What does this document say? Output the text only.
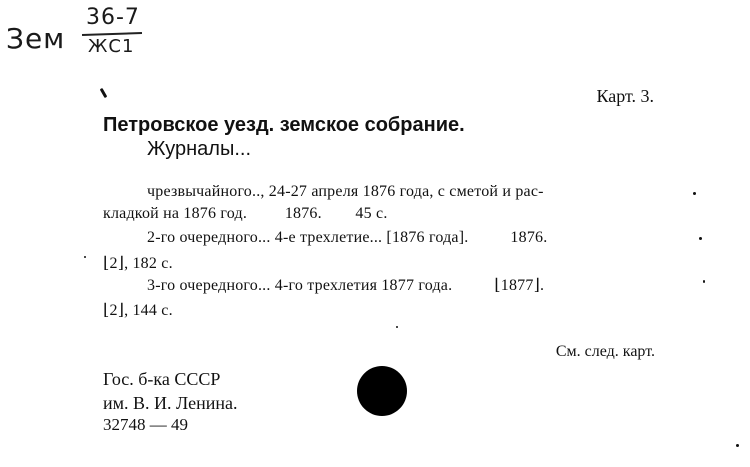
Зем
36-7
ЖС1
Карт. 3.
Петровское уезд. земское собрание.
Журналы...
чрезвычайного.., 24-27 апреля 1876 года, с сметой и рас-
кладкой на 1876 год.         1876.        45 с.
2-го очередного... 4-е трехлетие... [1876 года].          1876.
⌊2⌋, 182 с.
3-го очередного... 4-го трехлетия 1877 года.          ⌊1877⌋.
⌊2⌋, 144 с.
См. след. карт.
Гос. б-ка СССР
им. В. И. Ленина.
32748 — 49
